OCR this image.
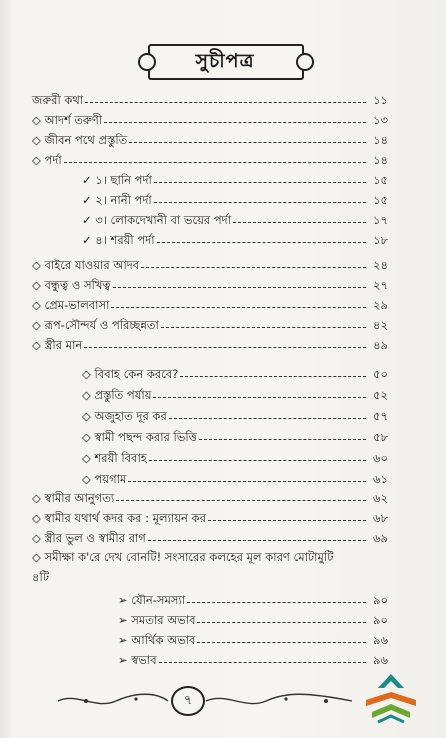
সুচীপত্র
জরুরী কথা	১১
◇ আদর্শ তরুণী	১৩
◇ জীবন পথে প্রস্তুতি	১৪
◇ পর্দা	১৪
✓ ১। ছানি পর্দা	১৫
✓ ২। নানী পর্দা	১৫
✓ ৩। লোকদেখানী বা ভয়ের পর্দা	১৭
✓ ৪। শরয়ী পর্দা	১৮
◇ বাইরে যাওয়ার আদব	২৪
◇ বন্ধুত্ব ও সখিত্ব	২৭
◇ প্রেম-ভালবাসা	২৯
◇ রূপ-সৌন্দর্য ও পরিচ্ছন্নতা	৪২
◇ স্ত্রীর মান	৪৯
◇ বিবাহ কেন করবে?	৫০
◇ প্রস্তুতি পর্যায়	৫২
◇ অজুহাত দূর কর	৫৭
◇ স্বামী পছন্দ করার ভিত্তি	৫৮
◇ শরয়ী বিবাহ	৬০
◇ পয়গাম	৬১
◇ স্বামীর আনুগত্য	৬২
◇ স্বামীর যথার্থ কদর কর : মূল্যায়ন কর	৬৮
◇ স্ত্রীর ভুল ও স্বামীর রাগ	৬৯
➢ যৌন-সমস্যা	৯০
➢ সমতার অভাব	৯০
➢ আর্থিক অভাব	৯৬
➢ স্বভাব	৯৬
◇ সমীক্ষা ক'রে দেখ বোনটি! সংসারের কলহের মূল কারণ মোটামুটি
৪টি
৭
